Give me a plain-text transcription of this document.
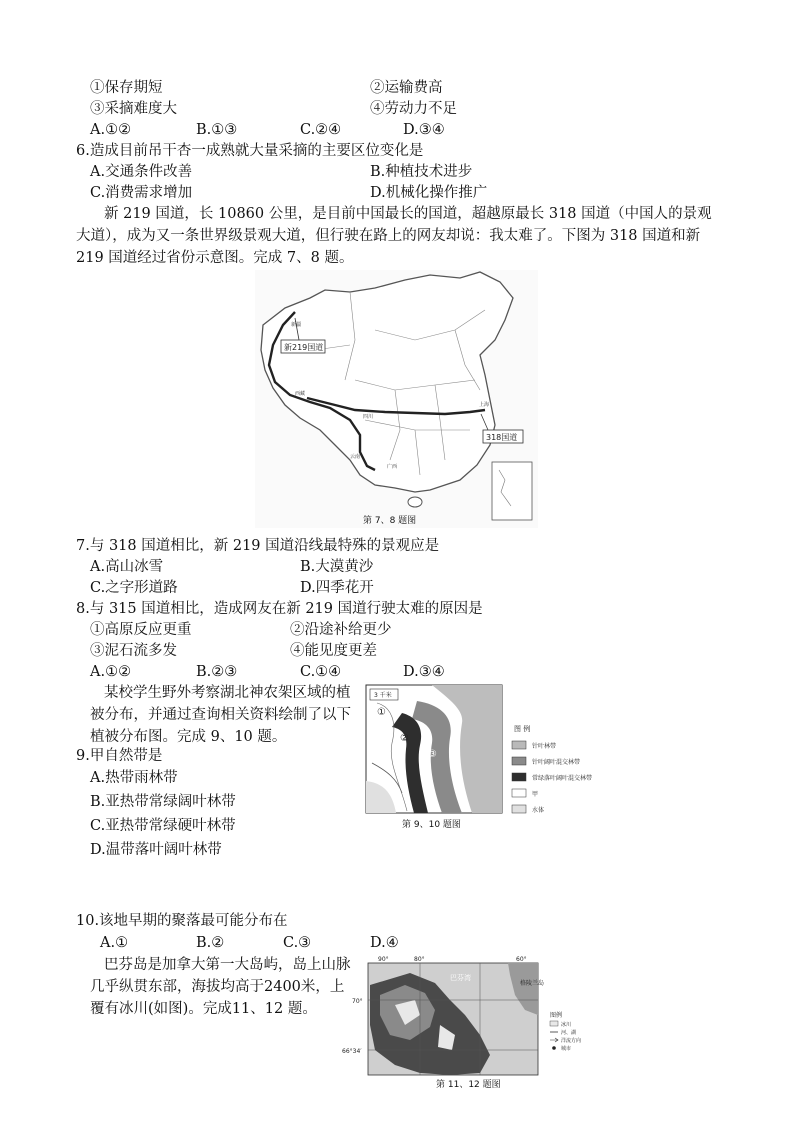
①保存期短	②运输费高
③采摘难度大	④劳动力不足
A.①②	B.①③	C.②④	D.③④
6.造成目前吊干杏一成熟就大量采摘的主要区位变化是
A.交通条件改善	B.种植技术进步
C.消费需求增加	D.机械化操作推广
新 219 国道，长 10860 公里，是目前中国最长的国道，超越原最长 318 国道（中国人的景观大道），成为又一条世界级景观大道，但行驶在路上的网友却说：我太难了。下图为 318 国道和新 219 国道经过省份示意图。完成 7、8 题。
新219国道
318国道
新疆
西藏
云南
广西
四川
上海
第 7、8 题图
7.与 318 国道相比，新 219 国道沿线最特殊的景观应是
A.高山冰雪	B.大漠黄沙
C.之字形道路	D.四季花开
8.与 315 国道相比，造成网友在新 219 国道行驶太难的原因是
①高原反应更重	②沿途补给更少
③泥石流多发	④能见度更差
A.①②	B.②③	C.①④	D.③④
某校学生野外考察湖北神农架区域的植被分布，并通过查询相关资料绘制了以下植被分布图。完成 9、10 题。
3 千米
①
②
③
④
图 例
针叶林带
针叶阔叶混交林带
常绿落叶阔叶混交林带
甲
水体
第 9、10 题图
9.甲自然带是
A.热带雨林带
B.亚热带常绿阔叶林带
C.亚热带常绿硬叶林带
D.温带落叶阔叶林带
10.该地早期的聚落最可能分布在
A.①	B.②	C.③	D.④
巴芬岛是加拿大第一大岛屿，岛上山脉几乎纵贯东部，海拔均高于2400米，上覆有冰川(如图)。完成11、12 题。
巴芬湾
格陵兰岛
70°
66°34′
90°	80°	60°
图例
冰川
河、湖
洋流方向
城市
第 11、12 题图
